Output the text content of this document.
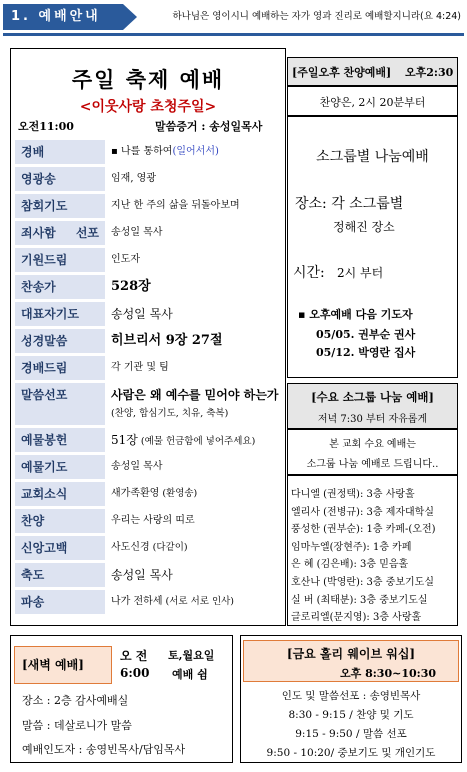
1. 예배안내	하나님은 영이시니 예배하는 자가 영과 진리로 예배할지니라(요 4:24)
주일 축제 예배
<이웃사랑 초청주일>
오전11:00	말씀증거 : 송성일목사
경배	▪ 나를 통하여(일어서서)
영광송	임재, 영광
참회기도	지난 한 주의 삶을 뒤돌아보며
죄사함 선포	송성일 목사
기원드림	인도자
찬송가	528장
대표자기도	송성일 목사
성경말씀	히브리서 9장 27절
경배드림	각 기관 및 팀
말씀선포	사람은 왜 예수를 믿어야 하는가
(찬양, 합심기도, 치유, 축복)
예물봉헌	51장 (예물 헌금함에 넣어주세요)
예물기도	송성일 목사
교회소식	새가족환영 (환영송)
찬양	우리는 사랑의 띠로
신앙고백	사도신경 (다같이)
축도	송성일 목사
파송	나가 전하세 (서로 서로 인사)
[주일오후 찬양예배] 오후2:30
찬양은, 2시 20분부터
소그룹별 나눔예배
장소: 각 소그룹별
정해진 장소
시간: 2시 부터
▪ 오후예배 다음 기도자
05/05. 권부순 권사
05/12. 박영란 집사
[수요 소그룹 나눔 예배]
저녁 7:30 부터 자유롭게
본 교회 수요 예배는
소그룹 나눔 예배로 드립니다..
다니엘 (권정택): 3층 사랑홀
엘리사 (전병규): 3층 제자대학실
풍성한 (권부순): 1층 카페-(오전)
임마누엘(장현주): 1층 카페
은 혜 (김은배): 3층 믿음홀
호산나 (박영란): 3층 중보기도실
실 버 (최태분): 3층 중보기도실
글로리엘(문지영): 3층 사랑홀
[새벽 예배]
오 전
6:00
토,월요일
예배 쉼
장소 : 2층 감사예배실
말씀 : 데살로니가 말씀
예배인도자 : 송영빈목사/담임목사
[금요 홀리 웨이브 워십]
오후 8:30~10:30
인도 및 말씀선포 : 송영빈목사
8:30 - 9:15 / 찬양 및 기도
9:15 - 9:50 / 말씀 선포
9:50 - 10:20/ 중보기도 및 개인기도
